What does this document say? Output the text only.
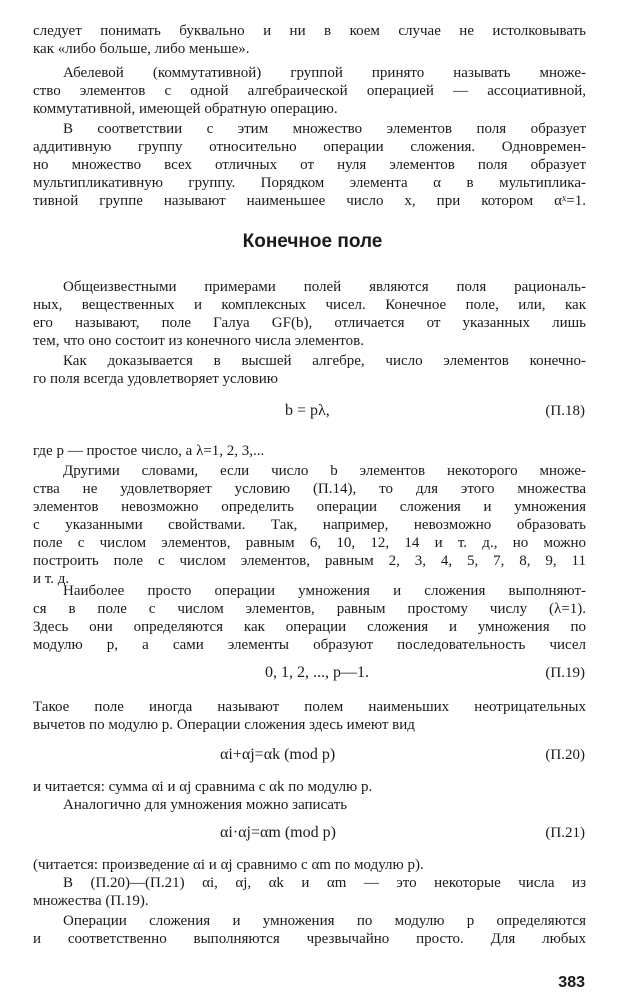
следует понимать буквально и ни в коем случае не истолковывать
как «либо больше, либо меньше».
Абелевой (коммутативной) группой принято называть множе-
ство элементов с одной алгебраической операцией — ассоциативной,
коммутативной, имеющей обратную операцию.
В соответствии с этим множество элементов поля образует
аддитивную группу относительно операции сложения. Одновремен-
но множество всех отличных от нуля элементов поля образует
мультипликативную группу. Порядком элемента α в мультиплика-
тивной группе называют наименьшее число x, при котором αˣ=1.
Конечное поле
Общеизвестными примерами полей являются поля рациональ-
ных, вещественных и комплексных чисел. Конечное поле, или, как
его называют, поле Галуа GF(b), отличается от указанных лишь
тем, что оно состоит из конечного числа элементов.
Как доказывается в высшей алгебре, число элементов конечно-
го поля всегда удовлетворяет условию
b = pλ,	(П.18)
где p — простое число, а λ=1, 2, 3,...
Другими словами, если число b элементов некоторого множе-
ства не удовлетворяет условию (П.14), то для этого множества
элементов невозможно определить операции сложения и умножения
с указанными свойствами. Так, например, невозможно образовать
поле с числом элементов, равным 6, 10, 12, 14 и т. д., но можно
построить поле с числом элементов, равным 2, 3, 4, 5, 7, 8, 9, 11
и т. д.
Наиболее просто операции умножения и сложения выполняют-
ся в поле с числом элементов, равным простому числу (λ=1).
Здесь они определяются как операции сложения и умножения по
модулю p, а сами элементы образуют последовательность чисел
0, 1, 2, ..., p—1.	(П.19)
Такое поле иногда называют полем наименьших неотрицательных
вычетов по модулю p. Операции сложения здесь имеют вид
αi+αj=αk (mod p)	(П.20)
и читается: сумма αi и αj сравнима с αk по модулю p.
Аналогично для умножения можно записать
αi·αj=αm (mod p)	(П.21)
(читается: произведение αi и αj сравнимо с αm по модулю p).
В (П.20)—(П.21) αi, αj, αk и αm — это некоторые числа из
множества (П.19).
Операции сложения и умножения по модулю p определяются
и соответственно выполняются чрезвычайно просто. Для любых
383
